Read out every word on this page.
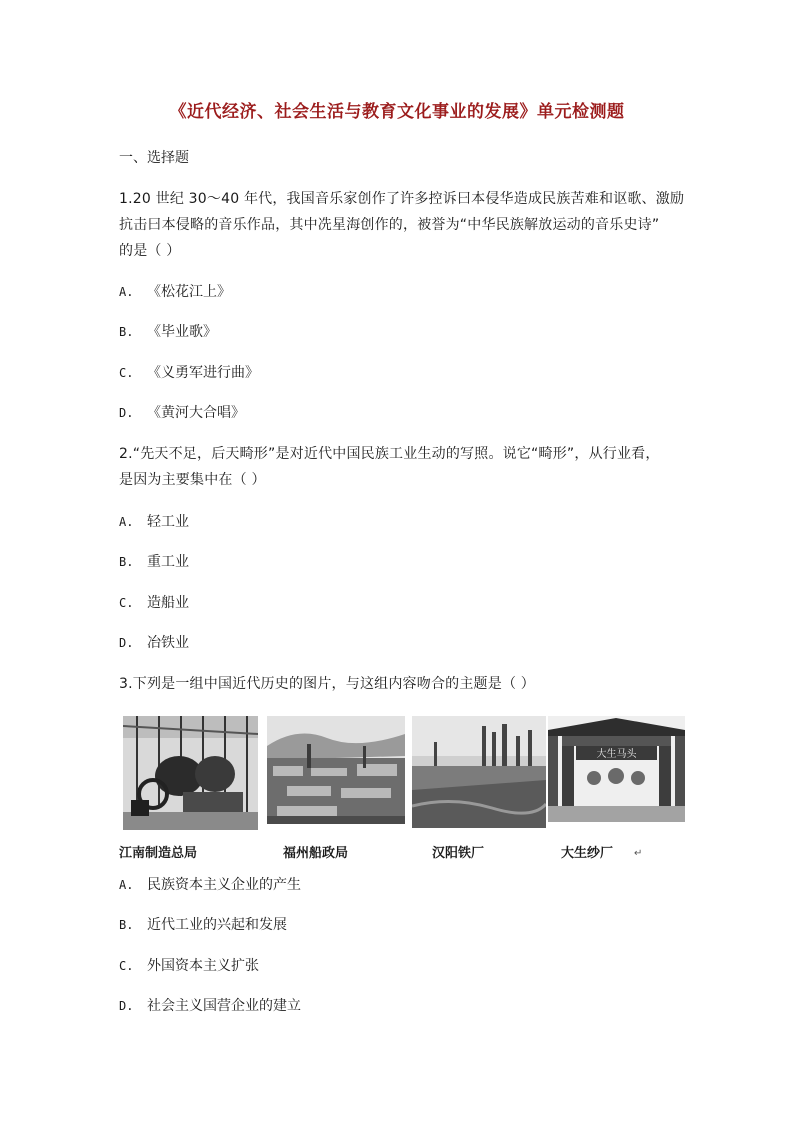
《近代经济、社会生活与教育文化事业的发展》单元检测题
一、选择题
1.20 世纪 30～40 年代，我国音乐家创作了许多控诉曰本侵华造成民族苦难和讴歌、激励
抗击曰本侵略的音乐作品，其中冼星海创作的，被誉为“中华民族解放运动的音乐史诗”
的是（ ）
A. 《松花江上》
B. 《毕业歌》
C. 《义勇军进行曲》
D. 《黄河大合唱》
2.“先天不足，后天畸形”是对近代中国民族工业生动的写照。说它“畸形”，从行业看，
是因为主要集中在（ ）
A. 轻工业
B. 重工业
C. 造船业
D. 冶铁业
3.下列是一组中国近代历史的图片，与这组内容吻合的主题是（ ）
大生马头
江南制造总局	福州船政局	汉阳铁厂	大生纱厂 ↵
A. 民族资本主义企业的产生
B. 近代工业的兴起和发展
C. 外国资本主义扩张
D. 社会主义国营企业的建立
